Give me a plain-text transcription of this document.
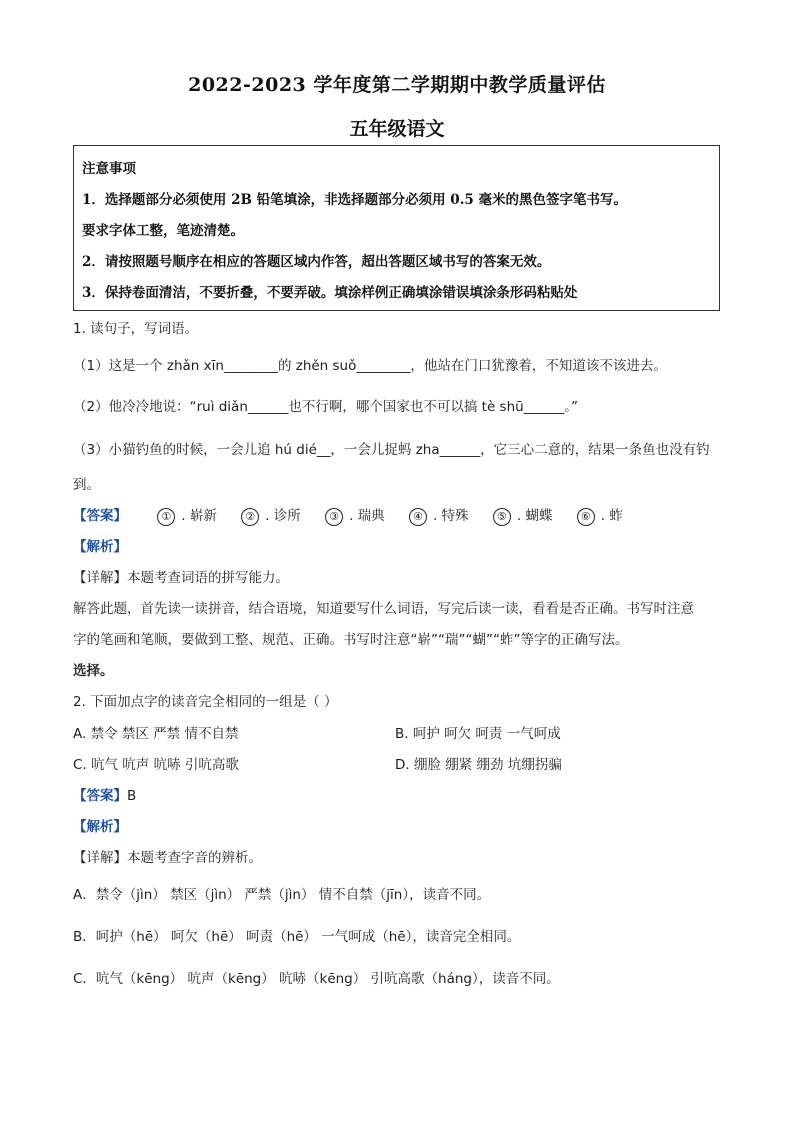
2022-2023 学年度第二学期期中教学质量评估
五年级语文
注意事项
1．选择题部分必须使用 2B 铅笔填涂，非选择题部分必须用 0.5 毫米的黑色签字笔书写。
要求字体工整，笔迹清楚。
2．请按照题号顺序在相应的答题区域内作答，超出答题区域书写的答案无效。
3．保持卷面清洁，不要折叠，不要弄破。填涂样例正确填涂错误填涂条形码粘贴处
1. 读句子，写词语。
（1）这是一个 zhǎn xīn________的 zhěn suǒ________，他站在门口犹豫着，不知道该不该进去。
（2）他冷冷地说：“ruì diǎn______也不行啊，哪个国家也不可以搞 tè shū______。”
（3）小猫钓鱼的时候，一会儿追 hú dié__，一会儿捉蚂 zha______，它三心二意的，结果一条鱼也没有钓
到。
【答案】	① . 崭新	② . 诊所	③ . 瑞典	④ . 特殊	⑤ . 蝴蝶	⑥ . 蚱
【解析】
【详解】本题考查词语的拼写能力。
解答此题，首先读一读拼音，结合语境，知道要写什么词语，写完后读一读，看看是否正确。书写时注意
字的笔画和笔顺，要做到工整、规范、正确。书写时注意“崭”“瑞”“蝴”“蚱”等字的正确写法。
选择。
2. 下面加点字的读音完全相同的一组是（ ）
A. 禁令 禁区 严禁 情不自禁	B. 呵护 呵欠 呵责 一气呵成
C. 吭气 吭声 吭哧 引吭高歌	D. 绷脸 绷紧 绷劲 坑绷拐骗
【答案】B
【解析】
【详解】本题考查字音的辨析。
A．禁令（jìn） 禁区（jìn） 严禁（jìn） 情不自禁（jīn），读音不同。
B．呵护（hē） 呵欠（hē） 呵责（hē） 一气呵成（hē），读音完全相同。
C．吭气（kēng） 吭声（kēng） 吭哧（kēng） 引吭高歌（háng），读音不同。
